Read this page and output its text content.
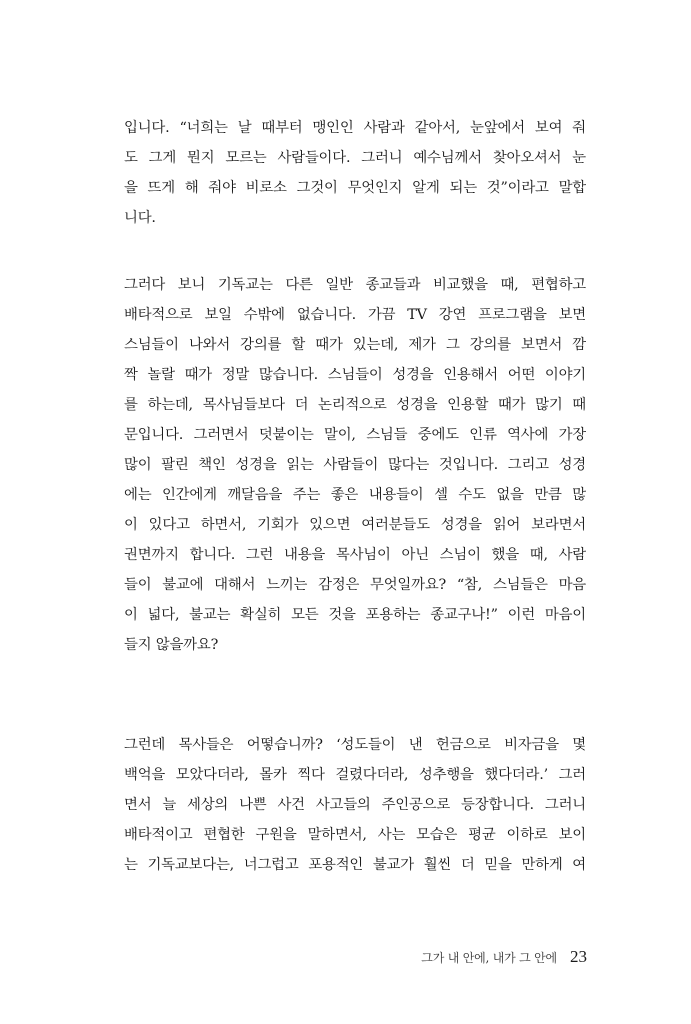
입니다. “너희는 날 때부터 맹인인 사람과 같아서, 눈앞에서 보여 줘
도 그게 뭔지 모르는 사람들이다. 그러니 예수님께서 찾아오셔서 눈
을 뜨게 해 줘야 비로소 그것이 무엇인지 알게 되는 것”이라고 말합
니다.
그러다 보니 기독교는 다른 일반 종교들과 비교했을 때, 편협하고
배타적으로 보일 수밖에 없습니다. 가끔 TV 강연 프로그램을 보면
스님들이 나와서 강의를 할 때가 있는데, 제가 그 강의를 보면서 깜
짝 놀랄 때가 정말 많습니다. 스님들이 성경을 인용해서 어떤 이야기
를 하는데, 목사님들보다 더 논리적으로 성경을 인용할 때가 많기 때
문입니다. 그러면서 덧붙이는 말이, 스님들 중에도 인류 역사에 가장
많이 팔린 책인 성경을 읽는 사람들이 많다는 것입니다. 그리고 성경
에는 인간에게 깨달음을 주는 좋은 내용들이 셀 수도 없을 만큼 많
이 있다고 하면서, 기회가 있으면 여러분들도 성경을 읽어 보라면서
권면까지 합니다. 그런 내용을 목사님이 아닌 스님이 했을 때, 사람
들이 불교에 대해서 느끼는 감정은 무엇일까요? “참, 스님들은 마음
이 넓다, 불교는 확실히 모든 것을 포용하는 종교구나!” 이런 마음이
들지 않을까요?
그런데 목사들은 어떻습니까? ‘성도들이 낸 헌금으로 비자금을 몇
백억을 모았다더라, 몰카 찍다 걸렸다더라, 성추행을 했다더라.’ 그러
면서 늘 세상의 나쁜 사건 사고들의 주인공으로 등장합니다. 그러니
배타적이고 편협한 구원을 말하면서, 사는 모습은 평균 이하로 보이
는 기독교보다는, 너그럽고 포용적인 불교가 훨씬 더 믿을 만하게 여
그가 내 안에, 내가 그 안에 23
